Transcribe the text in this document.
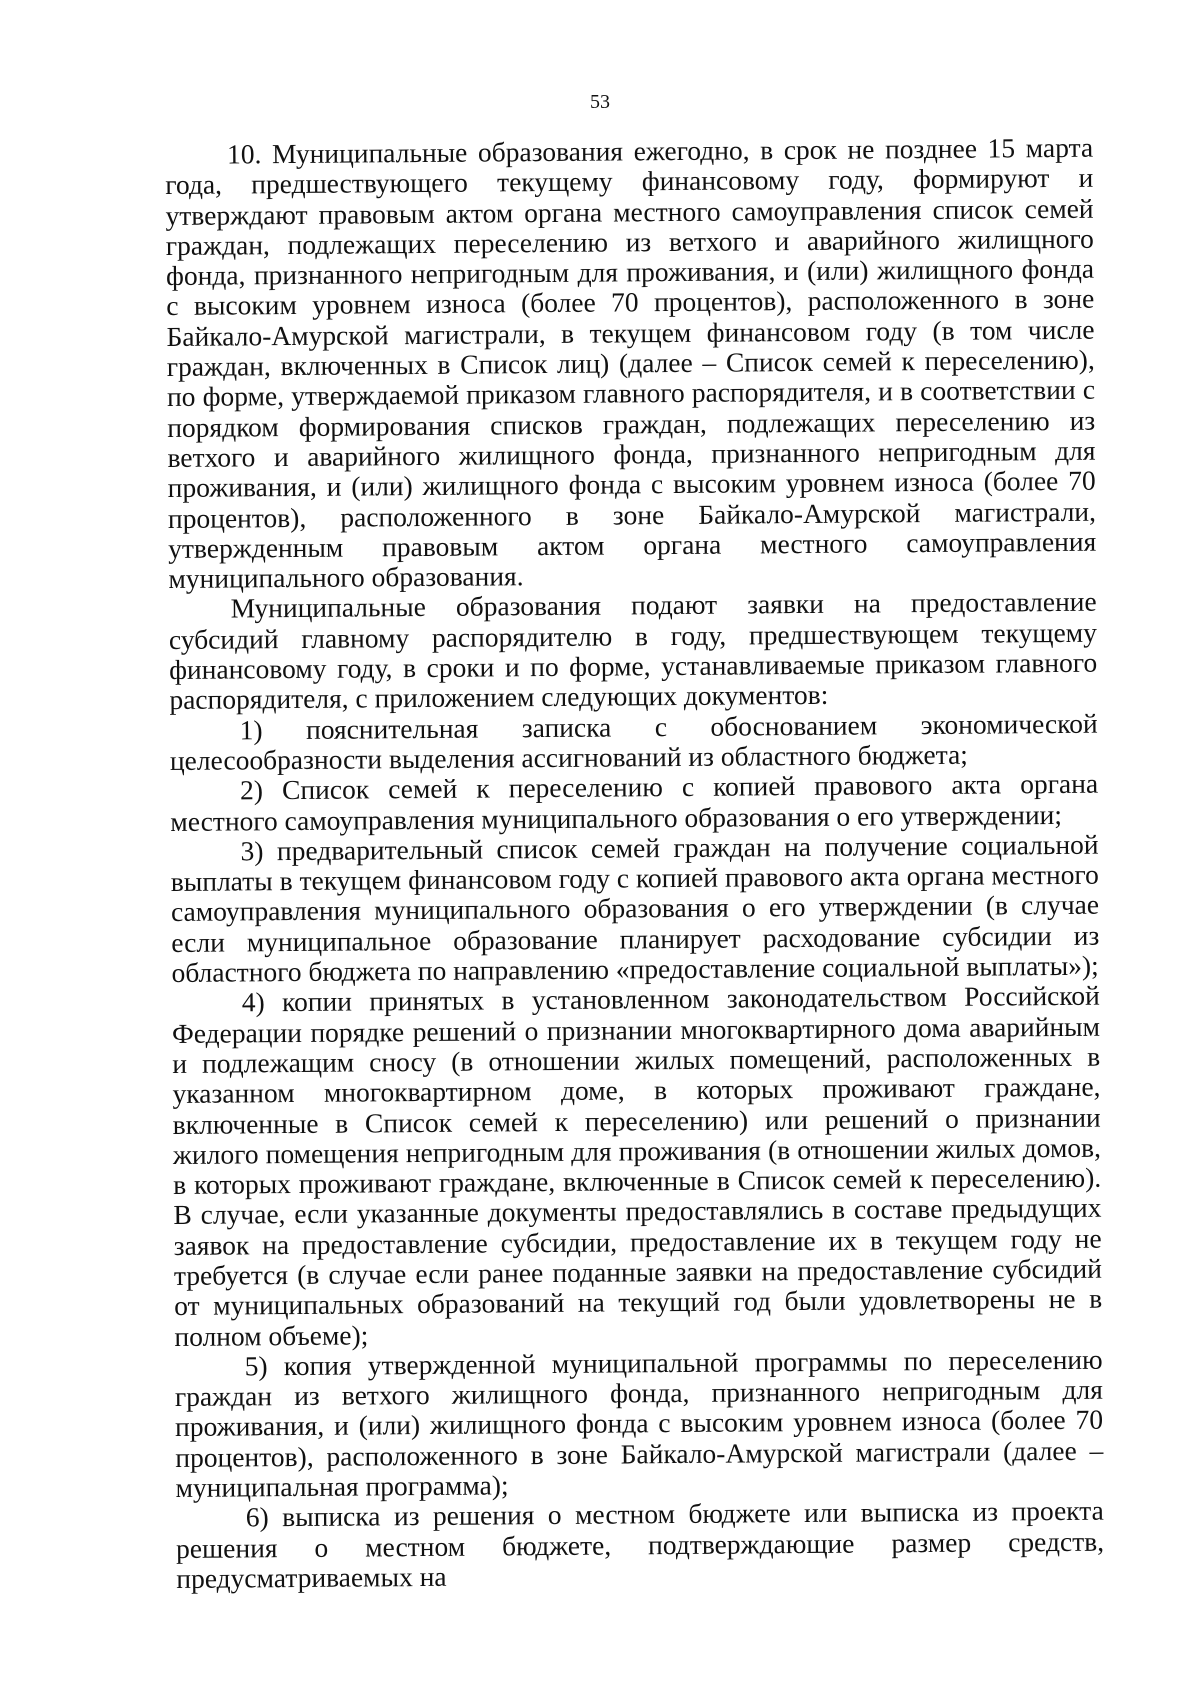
53

10. Муниципальные образования ежегодно, в срок не позднее 15 марта года, предшествующего текущему финансовому году, формируют и утверждают правовым актом органа местного самоуправления список семей граждан, подлежащих переселению из ветхого и аварийного жилищного фонда, признанного непригодным для проживания, и (или) жилищного фонда с высоким уровнем износа (более 70 процентов), расположенного в зоне Байкало-Амурской магистрали, в текущем финансовом году (в том числе граждан, включенных в Список лиц) (далее – Список семей к переселению), по форме, утверждаемой приказом главного распорядителя, и в соответствии с порядком формирования списков граждан, подлежащих переселению из ветхого и аварийного жилищного фонда, признанного непригодным для проживания, и (или) жилищного фонда с высоким уровнем износа (более 70 процентов), расположенного в зоне Байкало-Амурской магистрали, утвержденным правовым актом органа местного самоуправления муниципального образования.

Муниципальные образования подают заявки на предоставление субсидий главному распорядителю в году, предшествующем текущему финансовому году, в сроки и по форме, устанавливаемые приказом главного распорядителя, с приложением следующих документов:

1) пояснительная записка с обоснованием экономической целесообразности выделения ассигнований из областного бюджета;

2) Список семей к переселению с копией правового акта органа местного самоуправления муниципального образования о его утверждении;

3) предварительный список семей граждан на получение социальной выплаты в текущем финансовом году с копией правового акта органа местного самоуправления муниципального образования о его утверждении (в случае если муниципальное образование планирует расходование субсидии из областного бюджета по направлению «предоставление социальной выплаты»);

4) копии принятых в установленном законодательством Российской Федерации порядке решений о признании многоквартирного дома аварийным и подлежащим сносу (в отношении жилых помещений, расположенных в указанном многоквартирном доме, в которых проживают граждане, включенные в Список семей к переселению) или решений о признании жилого помещения непригодным для проживания (в отношении жилых домов, в которых проживают граждане, включенные в Список семей к переселению). В случае, если указанные документы предоставлялись в составе предыдущих заявок на предоставление субсидии, предоставление их в текущем году не требуется (в случае если ранее поданные заявки на предоставление субсидий от муниципальных образований на текущий год были удовлетворены не в полном объеме);

5) копия утвержденной муниципальной программы по переселению граждан из ветхого жилищного фонда, признанного непригодным для проживания, и (или) жилищного фонда с высоким уровнем износа (более 70 процентов), расположенного в зоне Байкало-Амурской магистрали (далее – муниципальная программа);

6) выписка из решения о местном бюджете или выписка из проекта решения о местном бюджете, подтверждающие размер средств, предусматриваемых на
